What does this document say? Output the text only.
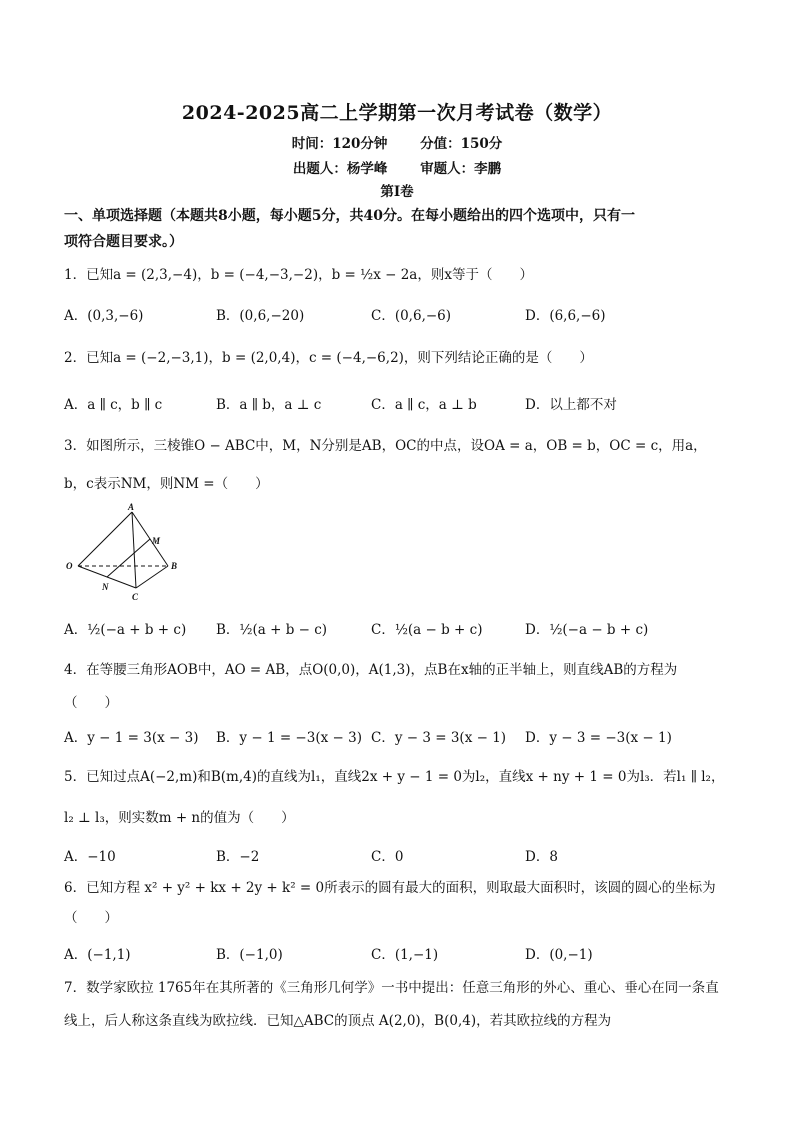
2024-2025高二上学期第一次月考试卷（数学）
时间：120分钟 分值：150分
出题人：杨学峰 审题人：李鹏
第Ⅰ卷
一、单项选择题（本题共8小题，每小题5分，共40分。在每小题给出的四个选项中，只有一
项符合题目要求。）
1．已知a = (2,3,−4)，b = (−4,−3,−2)，b = ½x − 2a，则x等于（　　）
A．(0,3,−6)	B．(0,6,−20)	C．(0,6,−6)	D．(6,6,−6)
2．已知a = (−2,−3,1)，b = (2,0,4)，c = (−4,−6,2)，则下列结论正确的是（　　）
A．a ∥ c，b ∥ c	B．a ∥ b，a ⊥ c	C．a ∥ c，a ⊥ b	D．以上都不对
3．如图所示，三棱锥O − ABC中，M，N分别是AB，OC的中点，设OA = a，OB = b，OC = c，用a，
b，c表示NM，则NM =（　　）
A
M
O	B
N
C
A．½(−a + b + c) B．½(a + b − c)	C．½(a − b + c)	D．½(−a − b + c)
4．在等腰三角形AOB中，AO = AB，点O(0,0)，A(1,3)，点B在x轴的正半轴上，则直线AB的方程为
（　　）
A．y − 1 = 3(x − 3) B．y − 1 = −3(x − 3) C．y − 3 = 3(x − 1) D．y − 3 = −3(x − 1)
5．已知过点A(−2,m)和B(m,4)的直线为l₁，直线2x + y − 1 = 0为l₂，直线x + ny + 1 = 0为l₃．若l₁ ∥ l₂，
l₂ ⊥ l₃，则实数m + n的值为（　　）
A．−10	B．−2	C．0	D．8
6．已知方程 x² + y² + kx + 2y + k² = 0所表示的圆有最大的面积，则取最大面积时，该圆的圆心的坐标为
（　　）
A．(−1,1)	B．(−1,0)	C．(1,−1)	D．(0,−1)
7．数学家欧拉 1765年在其所著的《三角形几何学》一书中提出：任意三角形的外心、重心、垂心在同一条直
线上，后人称这条直线为欧拉线．已知△ABC的顶点 A(2,0)，B(0,4)，若其欧拉线的方程为
